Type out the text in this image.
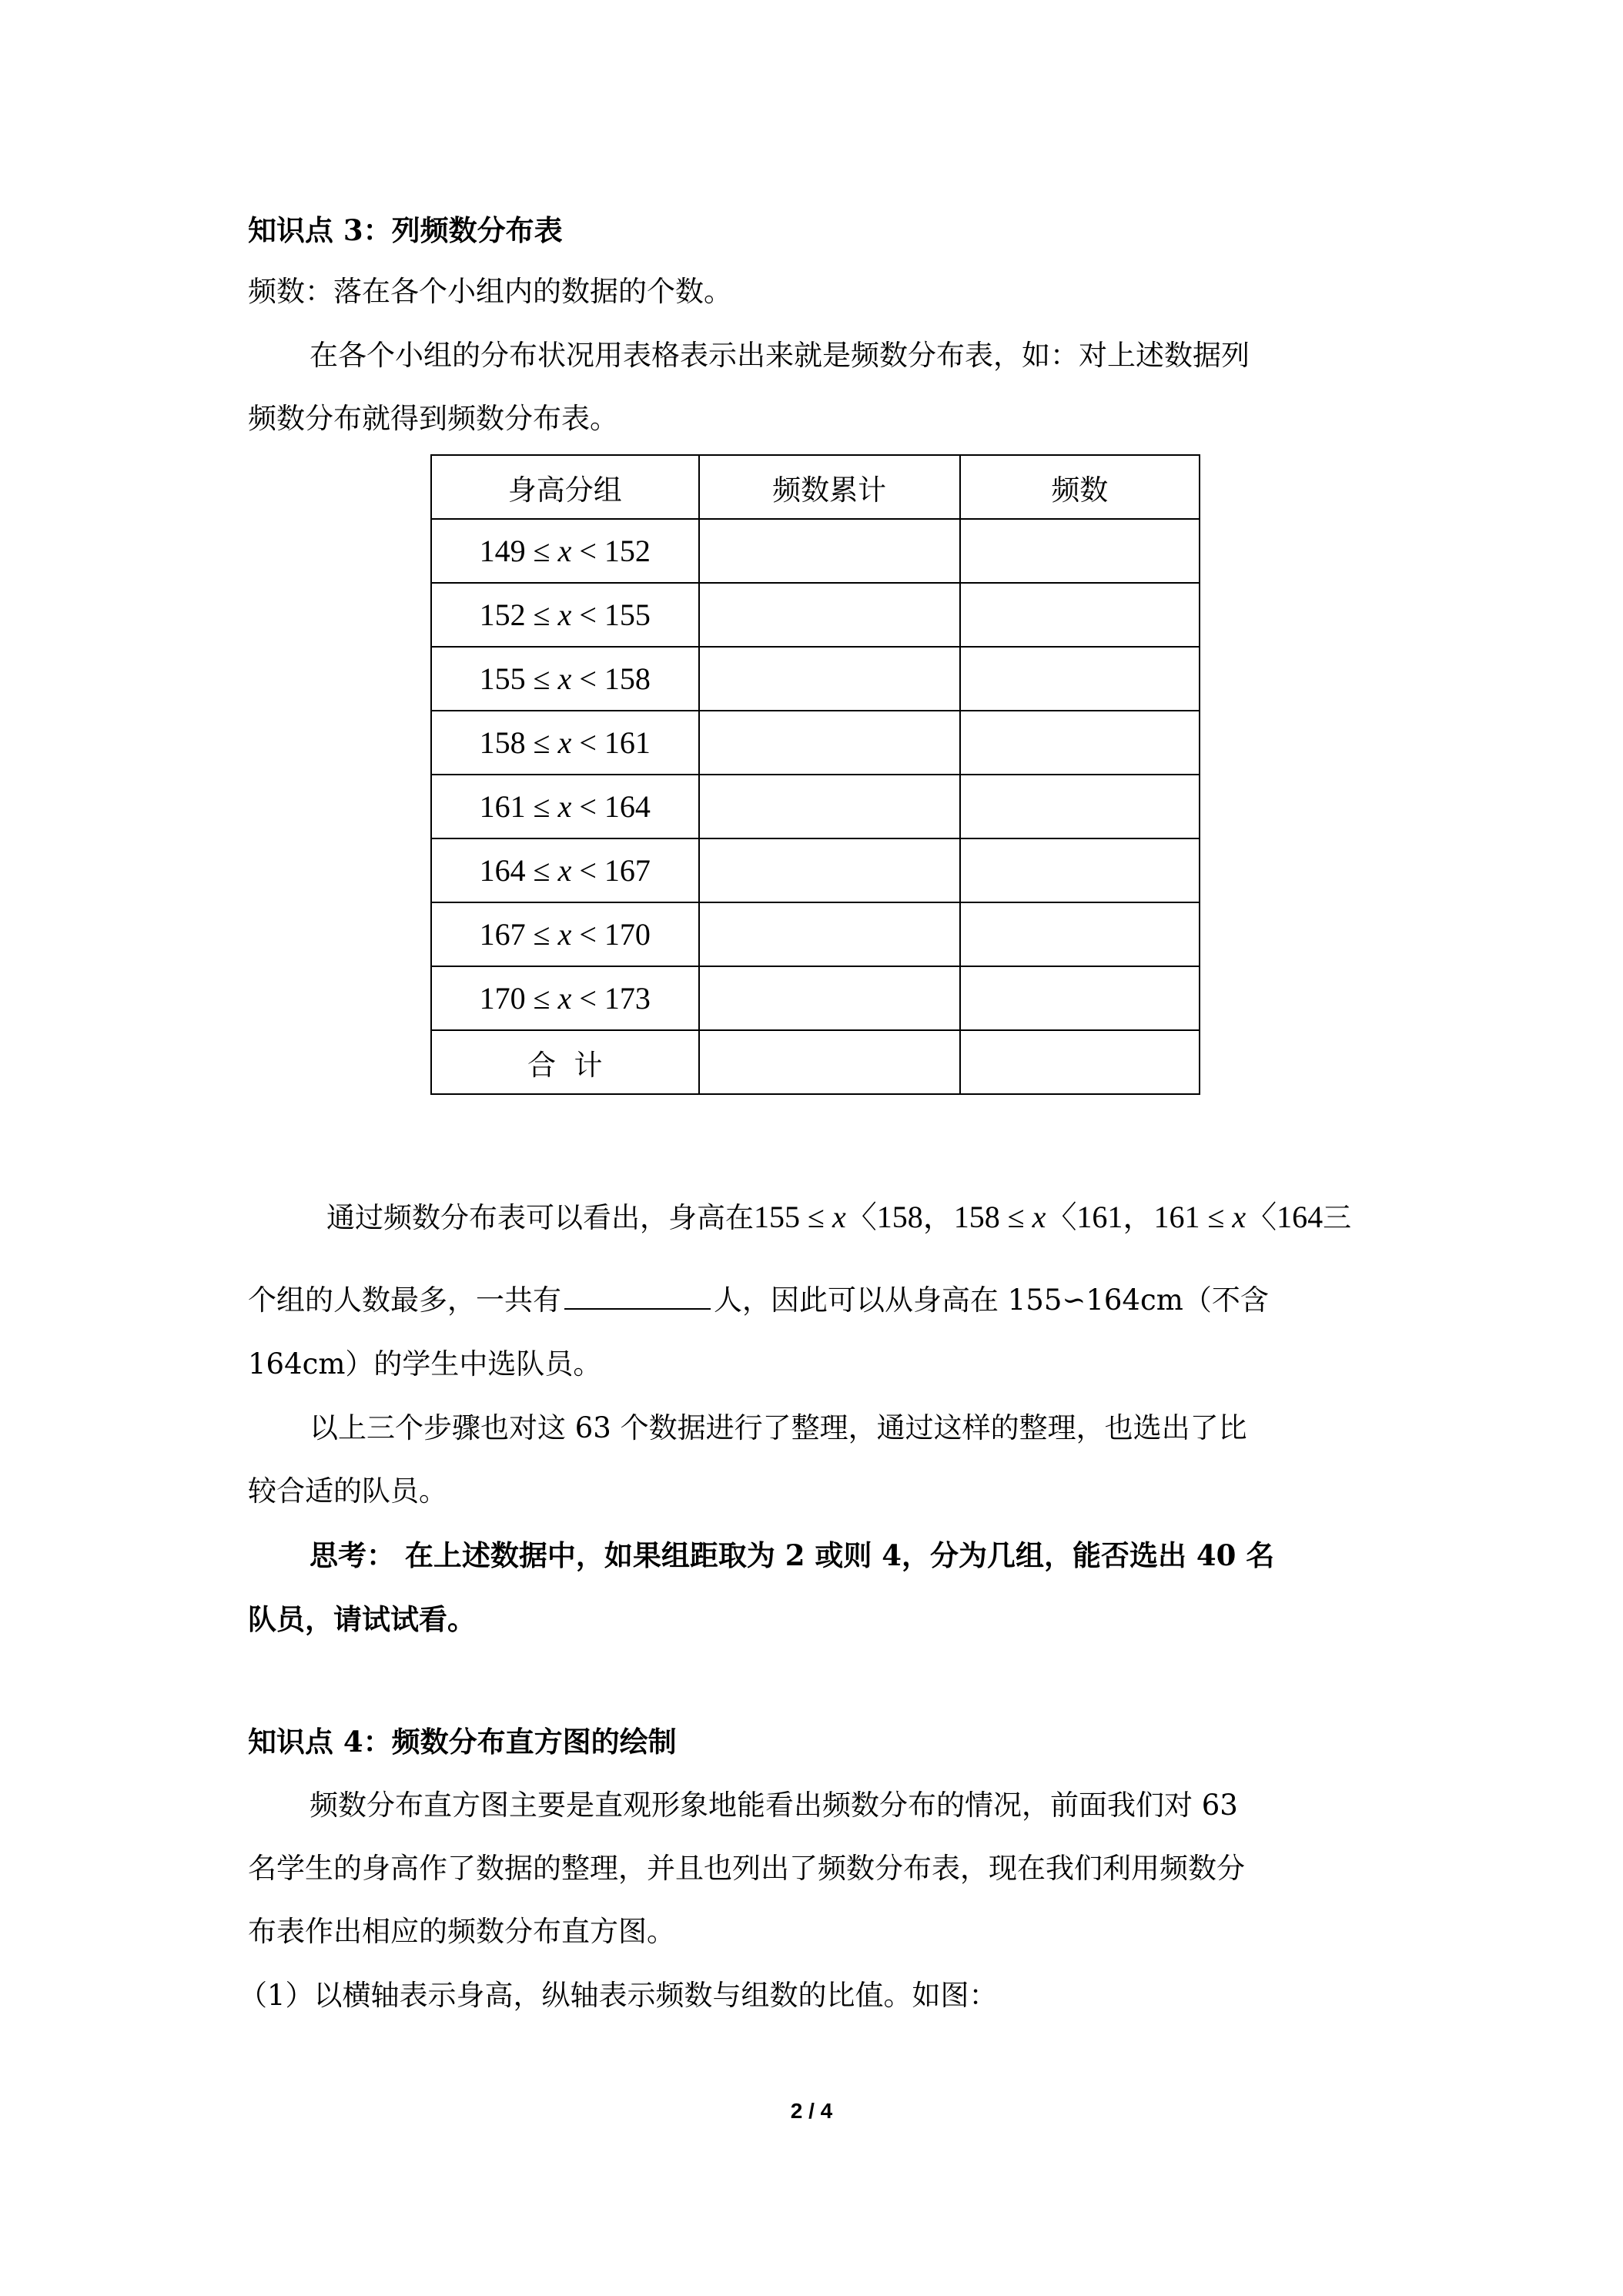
知识点 3：列频数分布表
频数：落在各个小组内的数据的个数。
在各个小组的分布状况用表格表示出来就是频数分布表，如：对上述数据列
频数分布就得到频数分布表。
身高分组	频数累计	频数
149 ≤ x < 152		
152 ≤ x < 155		
155 ≤ x < 158		
158 ≤ x < 161		
161 ≤ x < 164		
164 ≤ x < 167		
167 ≤ x < 170		
170 ≤ x < 173		
合  计		
通过频数分布表可以看出，身高在155 ≤ x〈158，158 ≤ x〈161，161 ≤ x〈164三
个组的人数最多，一共有	人，因此可以从身高在 155∽164cm（不含
164cm）的学生中选队员。
以上三个步骤也对这 63 个数据进行了整理，通过这样的整理，也选出了比
较合适的队员。
思考： 在上述数据中，如果组距取为 2 或则 4，分为几组，能否选出 40 名
队员，请试试看。
知识点 4：频数分布直方图的绘制
频数分布直方图主要是直观形象地能看出频数分布的情况，前面我们对 63
名学生的身高作了数据的整理，并且也列出了频数分布表，现在我们利用频数分
布表作出相应的频数分布直方图。
（1）以横轴表示身高，纵轴表示频数与组数的比值。如图：
2 / 4
